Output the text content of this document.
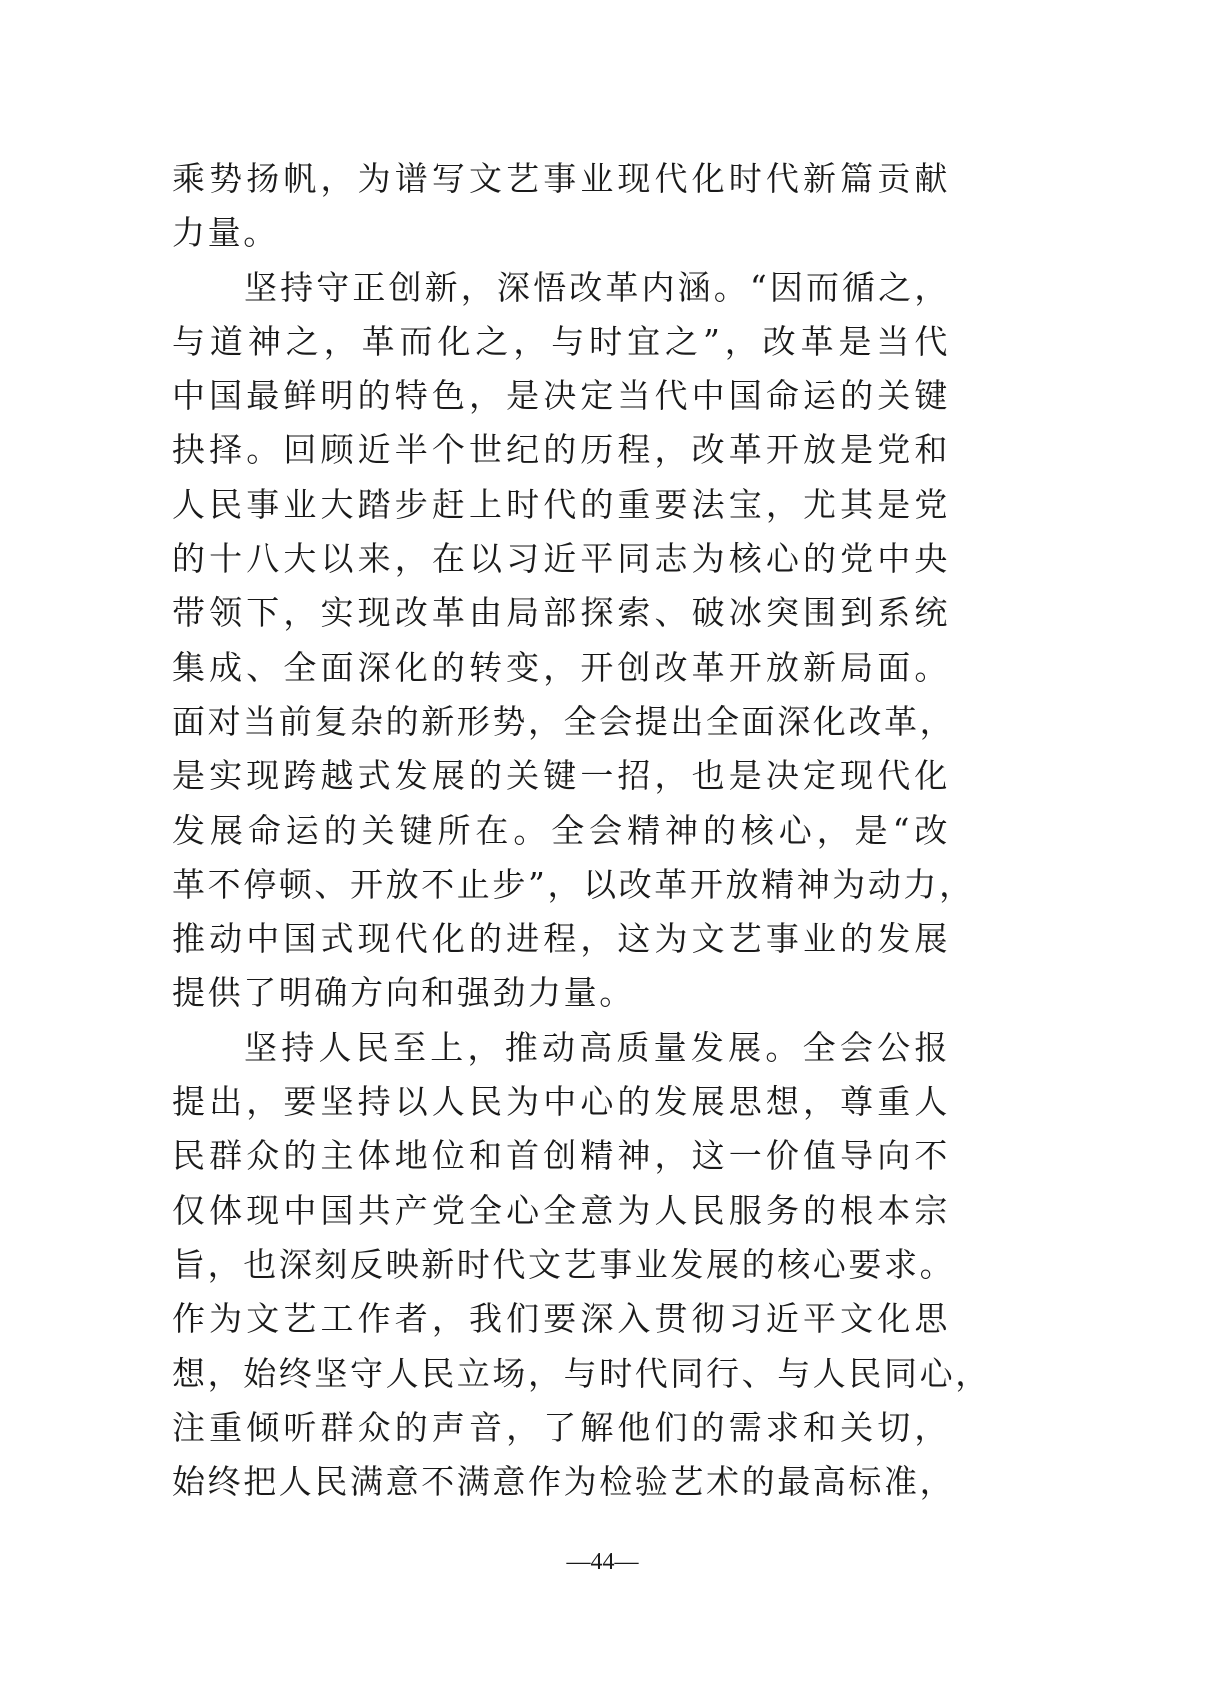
乘势扬帆，为谱写文艺事业现代化时代新篇贡献
力量。
坚持守正创新，深悟改革内涵。“因而循之，
与道神之，革而化之，与时宜之”，改革是当代
中国最鲜明的特色，是决定当代中国命运的关键
抉择。回顾近半个世纪的历程，改革开放是党和
人民事业大踏步赶上时代的重要法宝，尤其是党
的十八大以来，在以习近平同志为核心的党中央
带领下，实现改革由局部探索、破冰突围到系统
集成、全面深化的转变，开创改革开放新局面。
面对当前复杂的新形势，全会提出全面深化改革，
是实现跨越式发展的关键一招，也是决定现代化
发展命运的关键所在。全会精神的核心，是“改
革不停顿、开放不止步”，以改革开放精神为动力，
推动中国式现代化的进程，这为文艺事业的发展
提供了明确方向和强劲力量。
坚持人民至上，推动高质量发展。全会公报
提出，要坚持以人民为中心的发展思想，尊重人
民群众的主体地位和首创精神，这一价值导向不
仅体现中国共产党全心全意为人民服务的根本宗
旨，也深刻反映新时代文艺事业发展的核心要求。
作为文艺工作者，我们要深入贯彻习近平文化思
想，始终坚守人民立场，与时代同行、与人民同心，
注重倾听群众的声音，了解他们的需求和关切，
始终把人民满意不满意作为检验艺术的最高标准，
—44—
